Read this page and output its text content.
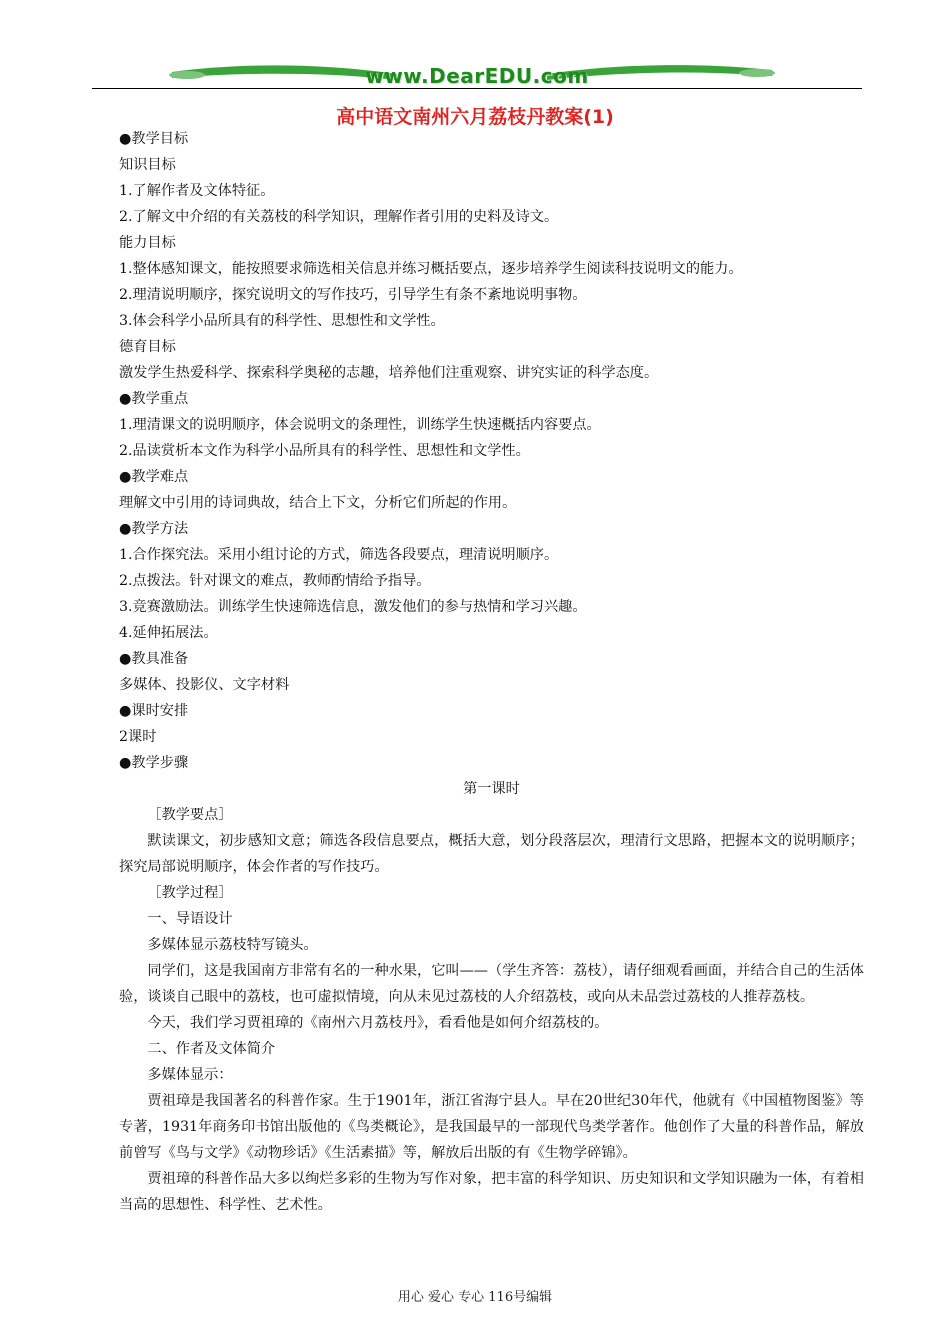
www.DearEDU.com
高中语文南州六月荔枝丹教案(1)

●教学目标

知识目标

1.了解作者及文体特征。

2.了解文中介绍的有关荔枝的科学知识，理解作者引用的史料及诗文。

能力目标

1.整体感知课文，能按照要求筛选相关信息并练习概括要点，逐步培养学生阅读科技说明文的能力。

2.理清说明顺序，探究说明文的写作技巧，引导学生有条不紊地说明事物。

3.体会科学小品所具有的科学性、思想性和文学性。

德育目标

激发学生热爱科学、探索科学奥秘的志趣，培养他们注重观察、讲究实证的科学态度。

●教学重点

1.理清课文的说明顺序，体会说明文的条理性，训练学生快速概括内容要点。

2.品读赏析本文作为科学小品所具有的科学性、思想性和文学性。

●教学难点

理解文中引用的诗词典故，结合上下文，分析它们所起的作用。

●教学方法

1.合作探究法。采用小组讨论的方式，筛选各段要点，理清说明顺序。

2.点拨法。针对课文的难点，教师酌情给予指导。

3.竞赛激励法。训练学生快速筛选信息，激发他们的参与热情和学习兴趣。

4.延伸拓展法。

●教具准备

多媒体、投影仪、文字材料

●课时安排

2课时

●教学步骤

第一课时

［教学要点］

默读课文，初步感知文意；筛选各段信息要点，概括大意，划分段落层次，理清行文思路，把握本文的说明顺序；探究局部说明顺序，体会作者的写作技巧。

［教学过程］

一、导语设计

多媒体显示荔枝特写镜头。

同学们，这是我国南方非常有名的一种水果，它叫——（学生齐答：荔枝），请仔细观看画面，并结合自己的生活体验，谈谈自己眼中的荔枝，也可虚拟情境，向从未见过荔枝的人介绍荔枝，或向从未品尝过荔枝的人推荐荔枝。

今天，我们学习贾祖璋的《南州六月荔枝丹》，看看他是如何介绍荔枝的。

二、作者及文体简介

多媒体显示：

贾祖璋是我国著名的科普作家。生于1901年，浙江省海宁县人。早在20世纪30年代，他就有《中国植物图鉴》等专著，1931年商务印书馆出版他的《鸟类概论》，是我国最早的一部现代鸟类学著作。他创作了大量的科普作品，解放前曾写《鸟与文学》《动物珍话》《生活素描》等，解放后出版的有《生物学碎锦》。

贾祖璋的科普作品大多以绚烂多彩的生物为写作对象，把丰富的科学知识、历史知识和文学知识融为一体，有着相当高的思想性、科学性、艺术性。

用心 爱心 专心 116号编辑
